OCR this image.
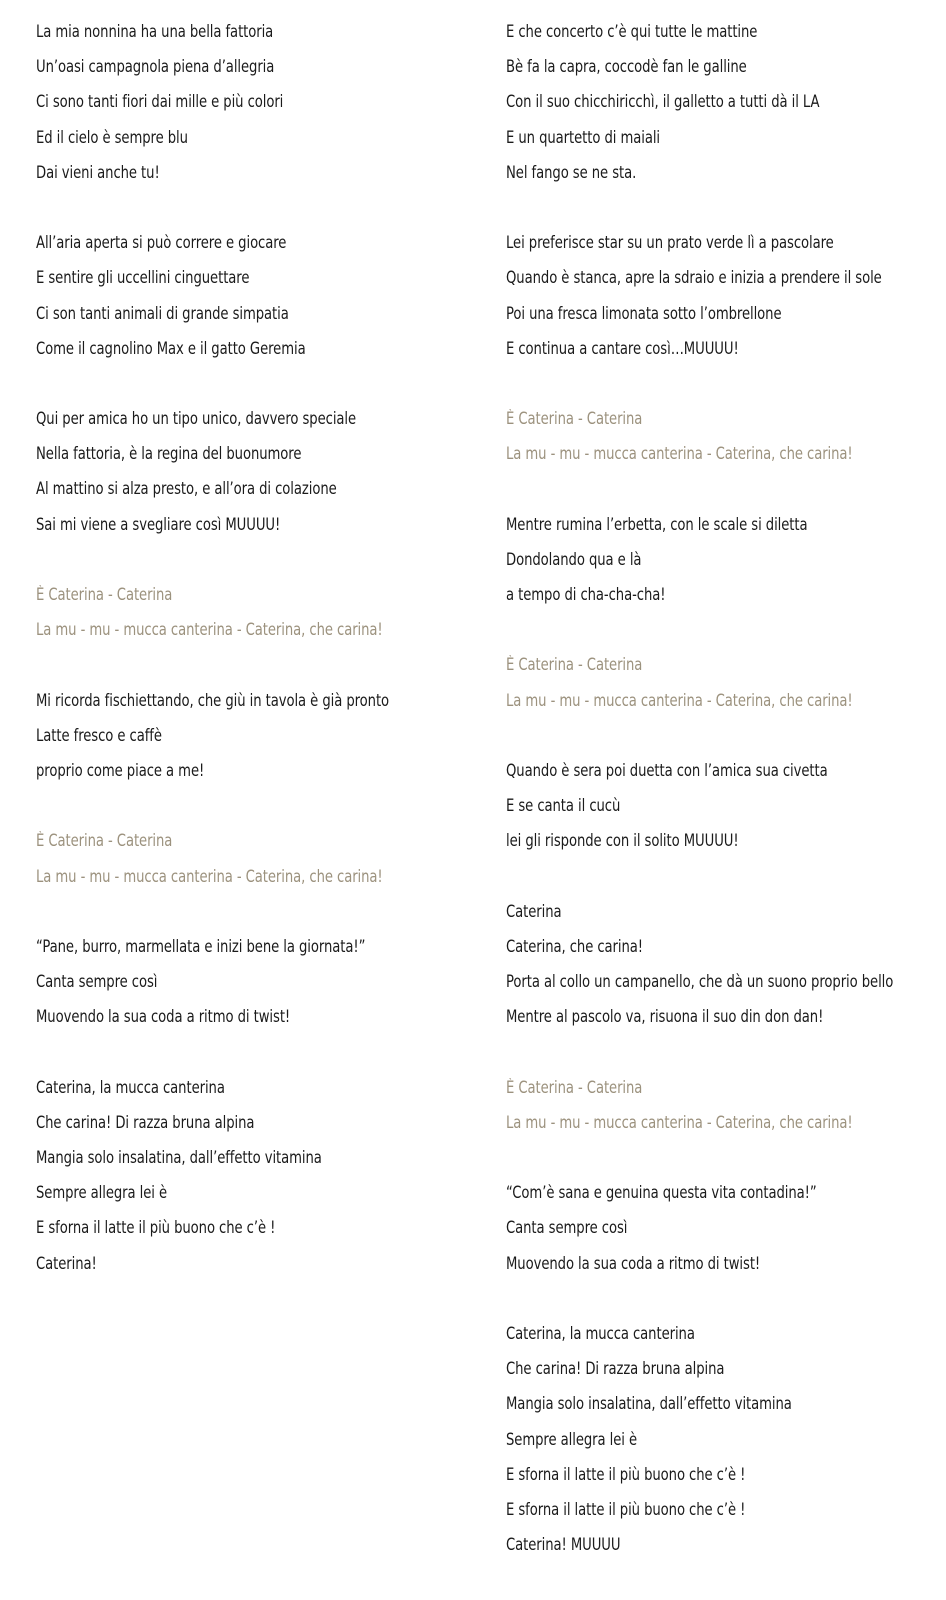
La mia nonnina ha una bella fattoria
Un’oasi campagnola piena d’allegria
Ci sono tanti fiori dai mille e più colori
Ed il cielo è sempre blu
Dai vieni anche tu!
All’aria aperta si può correre e giocare
E sentire gli uccellini cinguettare
Ci son tanti animali di grande simpatia
Come il cagnolino Max e il gatto Geremia
Qui per amica ho un tipo unico, davvero speciale
Nella fattoria, è la regina del buonumore
Al mattino si alza presto, e all’ora di colazione
Sai mi viene a svegliare così MUUUU!
È Caterina - Caterina
La mu - mu - mucca canterina - Caterina, che carina!
Mi ricorda fischiettando, che giù in tavola è già pronto
Latte fresco e caffè
proprio come piace a me!
È Caterina - Caterina
La mu - mu - mucca canterina - Caterina, che carina!
“Pane, burro, marmellata e inizi bene la giornata!”
Canta sempre così
Muovendo la sua coda a ritmo di twist!
Caterina, la mucca canterina
Che carina! Di razza bruna alpina
Mangia solo insalatina, dall’effetto vitamina
Sempre allegra lei è
E sforna il latte il più buono che c’è !
Caterina!
E che concerto c’è qui tutte le mattine
Bè fa la capra, coccodè fan le galline
Con il suo chicchiricchì, il galletto a tutti dà il LA
E un quartetto di maiali
Nel fango se ne sta.
Lei preferisce star su un prato verde lì a pascolare
Quando è stanca, apre la sdraio e inizia a prendere il sole
Poi una fresca limonata sotto l’ombrellone
E continua a cantare così…MUUUU!
È Caterina - Caterina
La mu - mu - mucca canterina - Caterina, che carina!
Mentre rumina l’erbetta, con le scale si diletta
Dondolando qua e là
a tempo di cha-cha-cha!
È Caterina - Caterina
La mu - mu - mucca canterina - Caterina, che carina!
Quando è sera poi duetta con l’amica sua civetta
E se canta il cucù
lei gli risponde con il solito MUUUU!
Caterina
Caterina, che carina!
Porta al collo un campanello, che dà un suono proprio bello
Mentre al pascolo va, risuona il suo din don dan!
È Caterina - Caterina
La mu - mu - mucca canterina - Caterina, che carina!
“Com’è sana e genuina questa vita contadina!”
Canta sempre così
Muovendo la sua coda a ritmo di twist!
Caterina, la mucca canterina
Che carina! Di razza bruna alpina
Mangia solo insalatina, dall’effetto vitamina
Sempre allegra lei è
E sforna il latte il più buono che c’è !
E sforna il latte il più buono che c’è !
Caterina! MUUUU
